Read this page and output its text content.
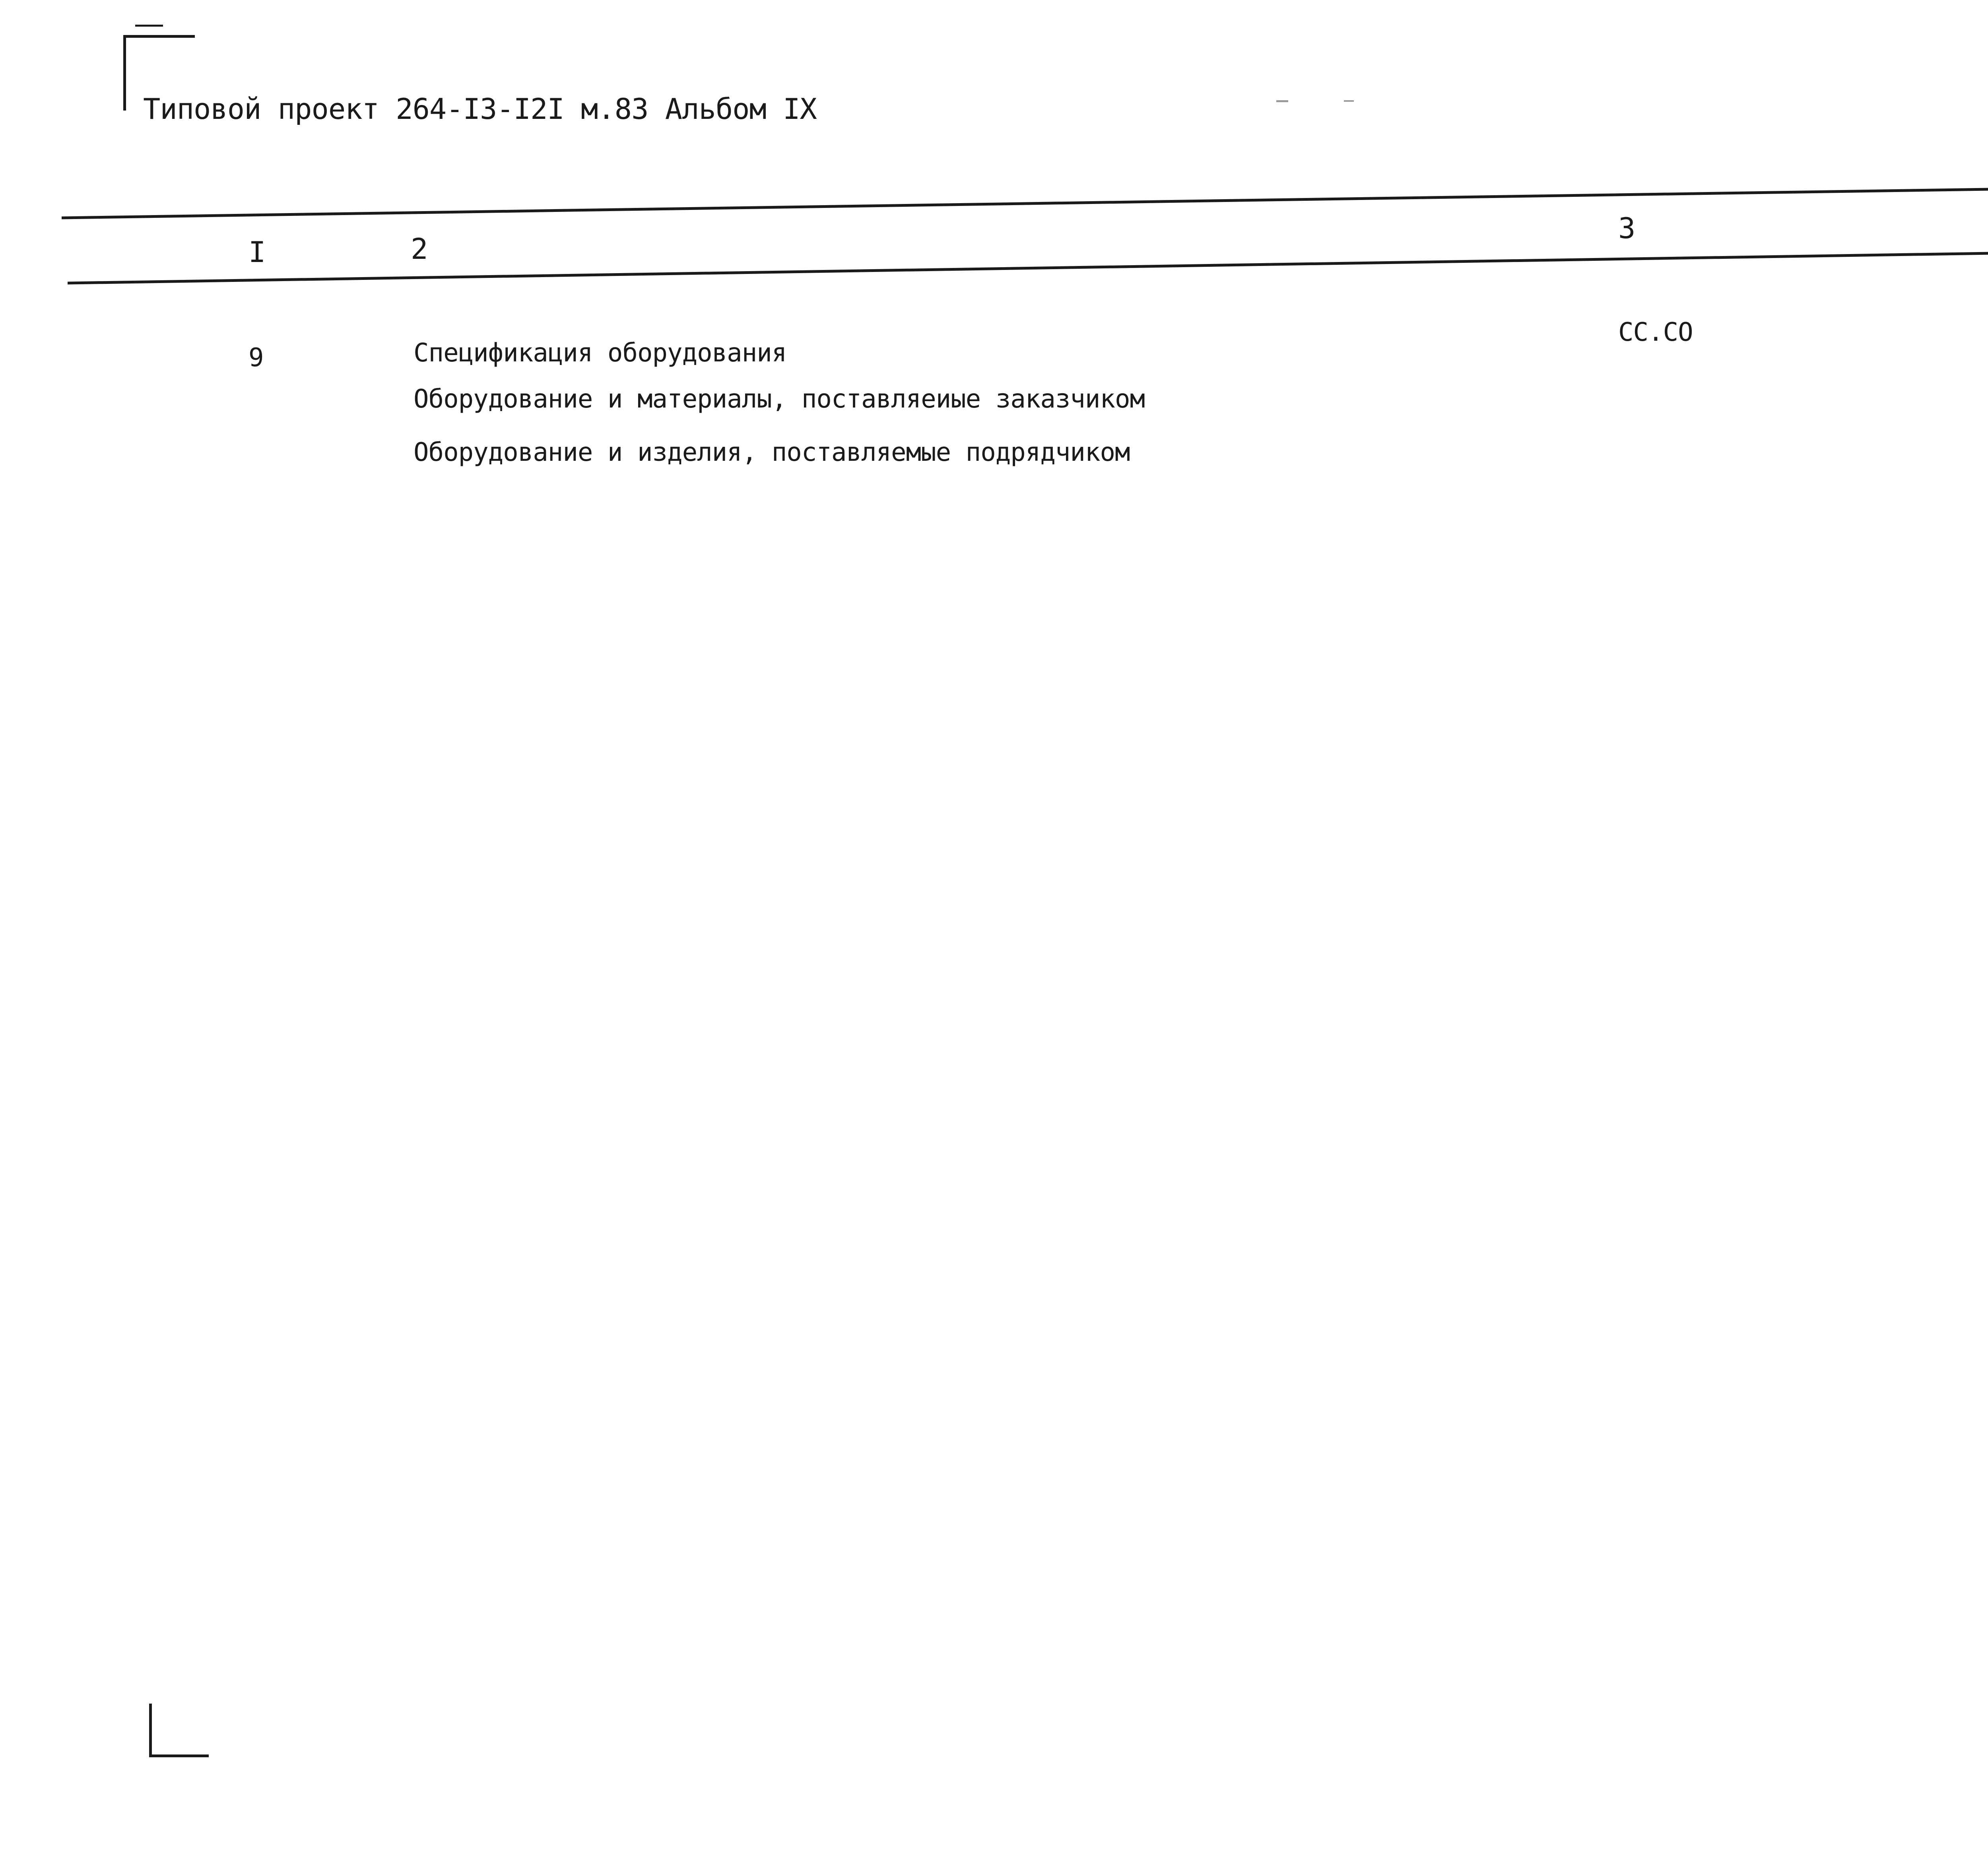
Типовой проект 264-I3-I2I м.83 Альбом IX
I	2
3
9	Спецификация оборудования
СС.СО
Оборудование и материалы, поставляеиые заказчиком
Оборудование и изделия, поставляемые подрядчиком
